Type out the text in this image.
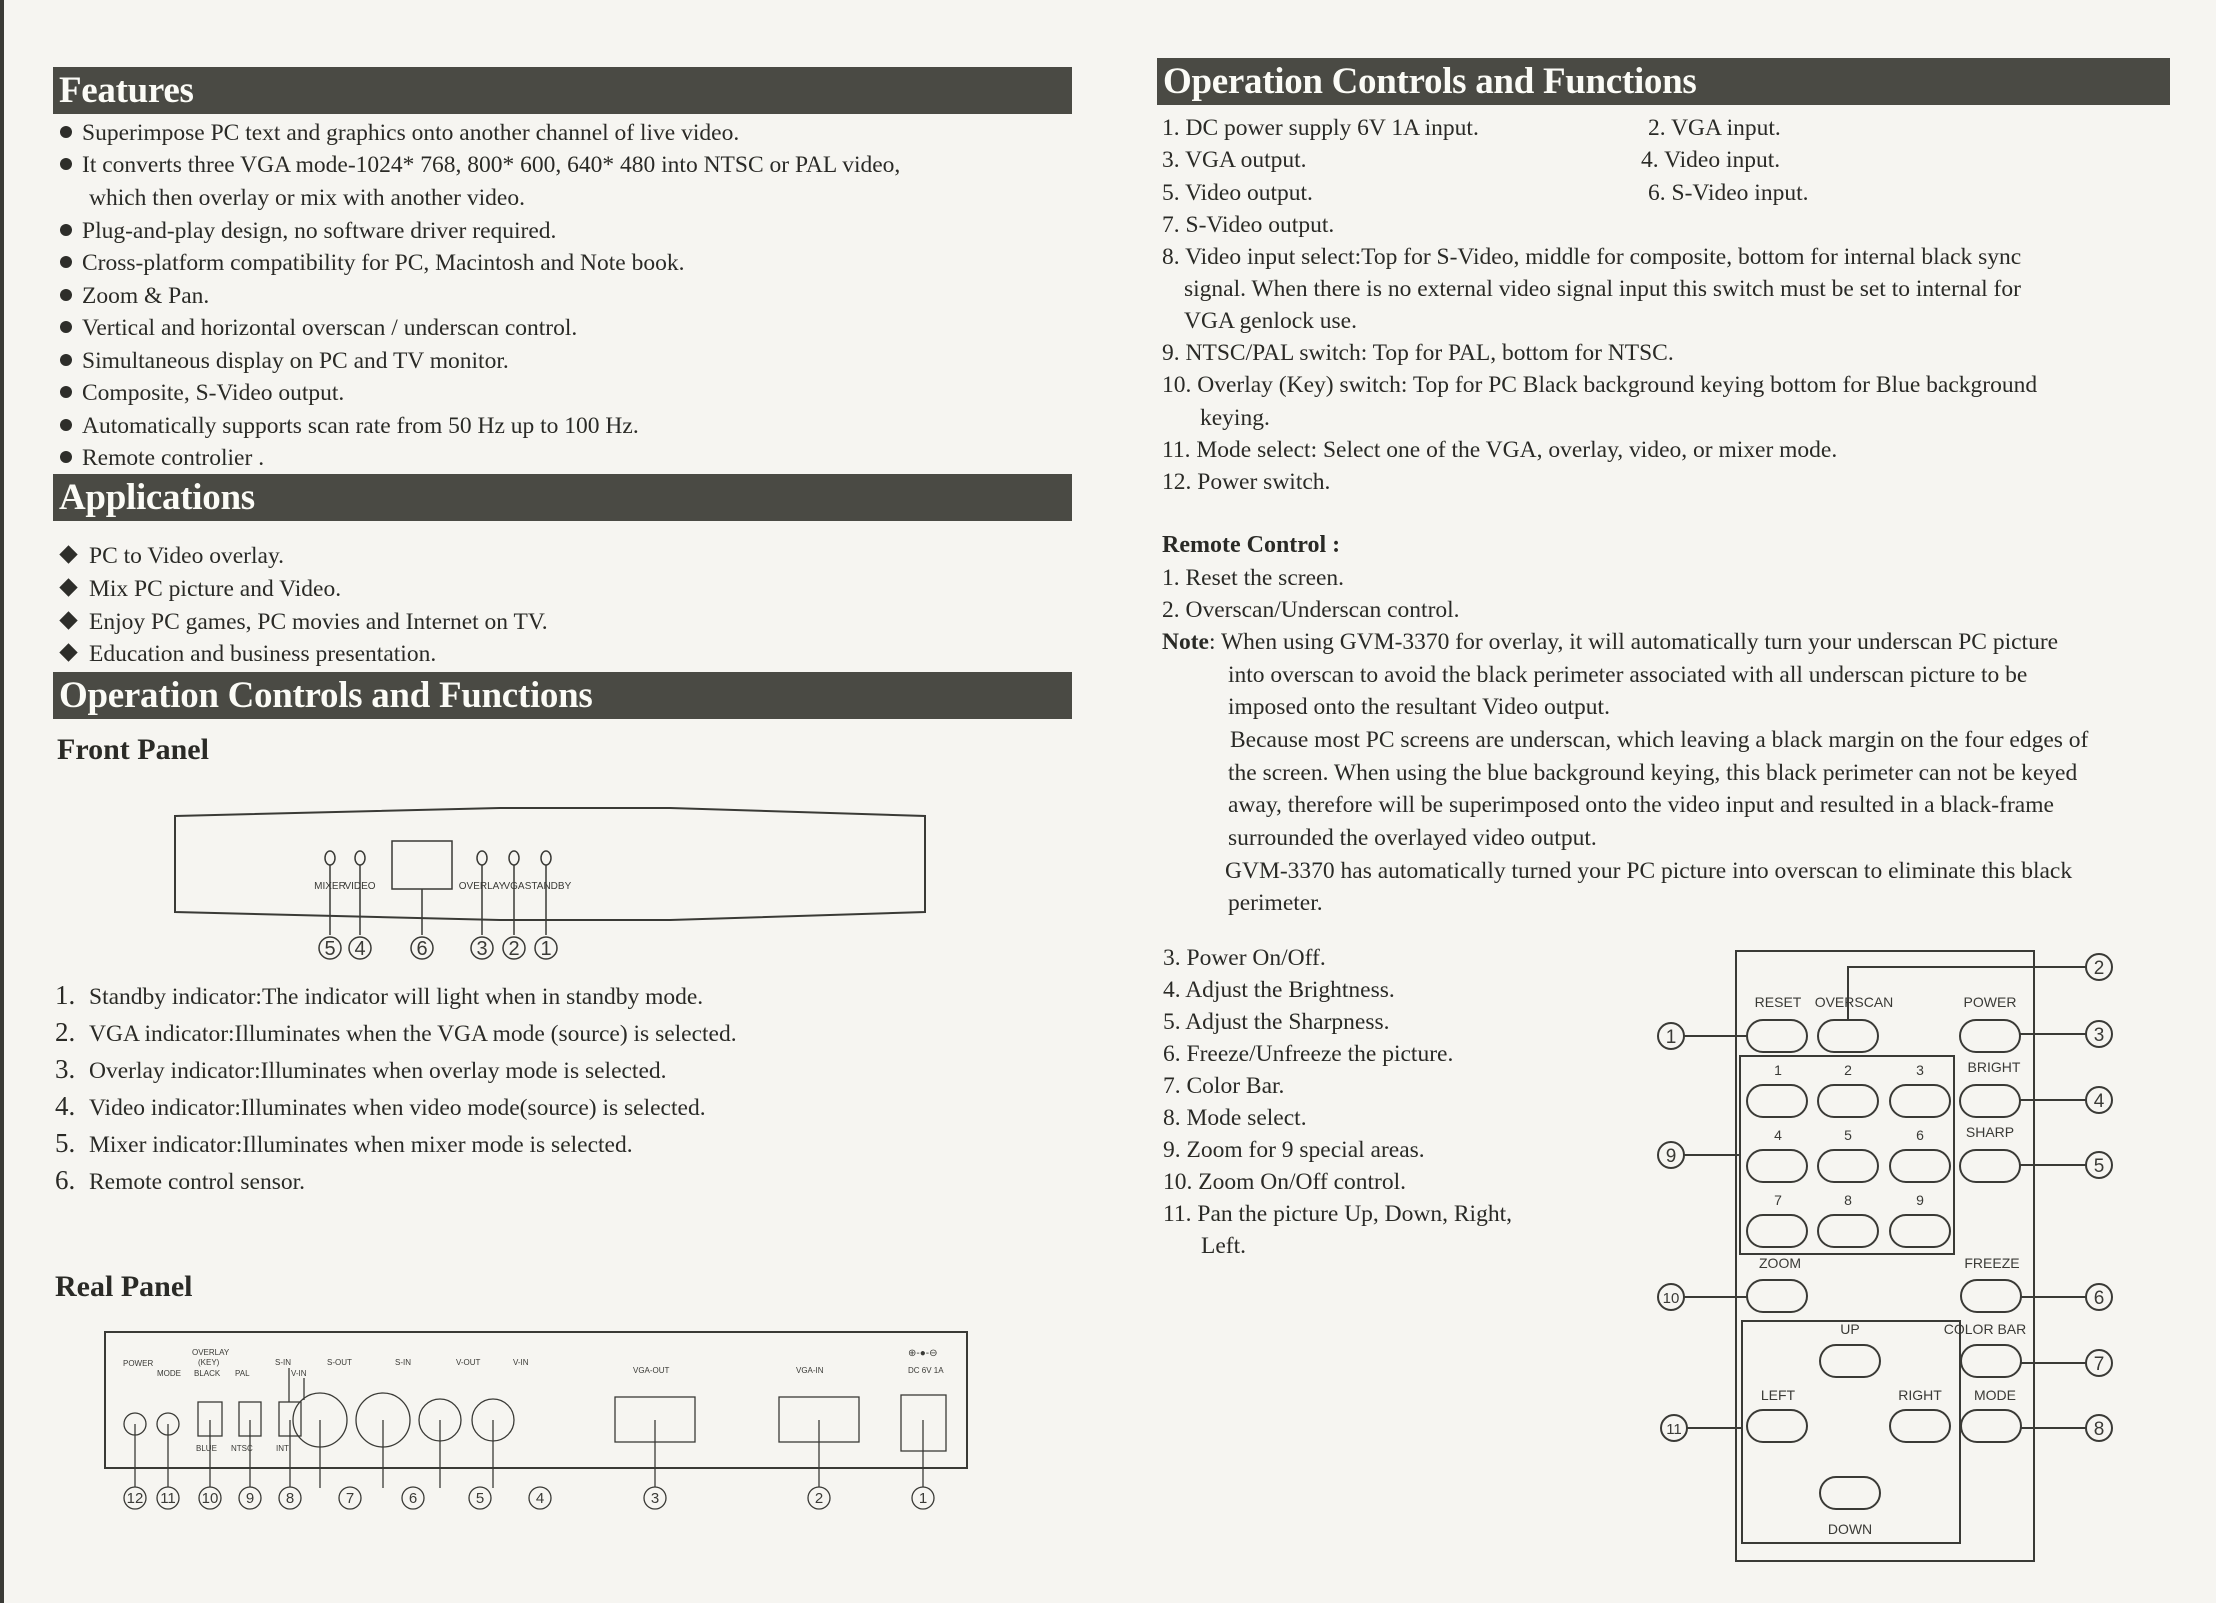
Features
Superimpose PC text and graphics onto another channel of live video.
It converts three VGA mode-1024* 768, 800* 600, 640* 480 into NTSC or PAL video,
which then overlay or mix with another video.
Plug-and-play design, no software driver required.
Cross-platform compatibility for PC, Macintosh and Note book.
Zoom & Pan.
Vertical and horizontal overscan / underscan control.
Simultaneous display on PC and TV monitor.
Composite, S-Video output.
Automatically supports scan rate from 50 Hz up to 100 Hz.
Remote controlier .
Applications
PC to Video overlay.
Mix PC picture and Video.
Enjoy PC games, PC movies and Internet on TV.
Education and business presentation.
Operation Controls and Functions
Front Panel
MIXER
VIDEO	OVERLAY
VGA STANDBY
5 4	6 3 2 1
1. Standby indicator:The indicator will light when in standby mode.
2. VGA indicator:Illuminates when the VGA mode (source) is selected.
3. Overlay indicator:Illuminates when overlay mode is selected.
4. Video indicator:Illuminates when video mode(source) is selected.
5. Mixer indicator:Illuminates when mixer mode is selected.
6. Remote control sensor.
Real Panel
POWER
MODE
OVERLAY
(KEY)
BLACK
BLUE
PAL
NTSC
S-IN
V-IN
INT
S-OUT	S-IN	V-OUT	V-IN
VGA-OUT	VGA-IN	DC 6V 1A
⊕-●-⊖
12 11 10 9 8	7	6	5	4	3	2	1
Operation Controls and Functions
1. DC power supply 6V 1A input.	2. VGA input.
3. VGA output.	4. Video input.
5. Video output.	6. S-Video input.
7. S-Video output.
8. Video input select:Top for S-Video, middle for composite, bottom for internal black sync
signal. When there is no external video signal input this switch must be set to internal for
VGA genlock use.
9. NTSC/PAL switch: Top for PAL, bottom for NTSC.
10. Overlay (Key) switch: Top for PC Black background keying bottom for Blue background
keying.
11. Mode select: Select one of the VGA, overlay, video, or mixer mode.
12. Power switch.
Remote Control :
1. Reset the screen.
2. Overscan/Underscan control.
Note: When using GVM-3370 for overlay, it will automatically turn your underscan PC picture
into overscan to avoid the black perimeter associated with all underscan picture to be
imposed onto the resultant Video output.
Because most PC screens are underscan, which leaving a black margin on the four edges of
the screen. When using the blue background keying, this black perimeter can not be keyed
away, therefore will be superimposed onto the video input and resulted in a black-frame
surrounded the overlayed video output.
GVM-3370 has automatically turned your PC picture into overscan to eliminate this black
perimeter.
3. Power On/Off.
4. Adjust the Brightness.
5. Adjust the Sharpness.
6. Freeze/Unfreeze the picture.
7. Color Bar.
8. Mode select.
9. Zoom for 9 special areas.
10. Zoom On/Off control.
11. Pan the picture Up, Down, Right,
Left.
RESET OVERSCAN	POWER
BRIGHT
SHARP
ZOOM	FREEZE
COLOR BAR
MODE
UP
LEFT	RIGHT
DOWN
1	2	3
4	5	6
7	8	9
1
2
3
4
5
6
7
8
9
10
11
